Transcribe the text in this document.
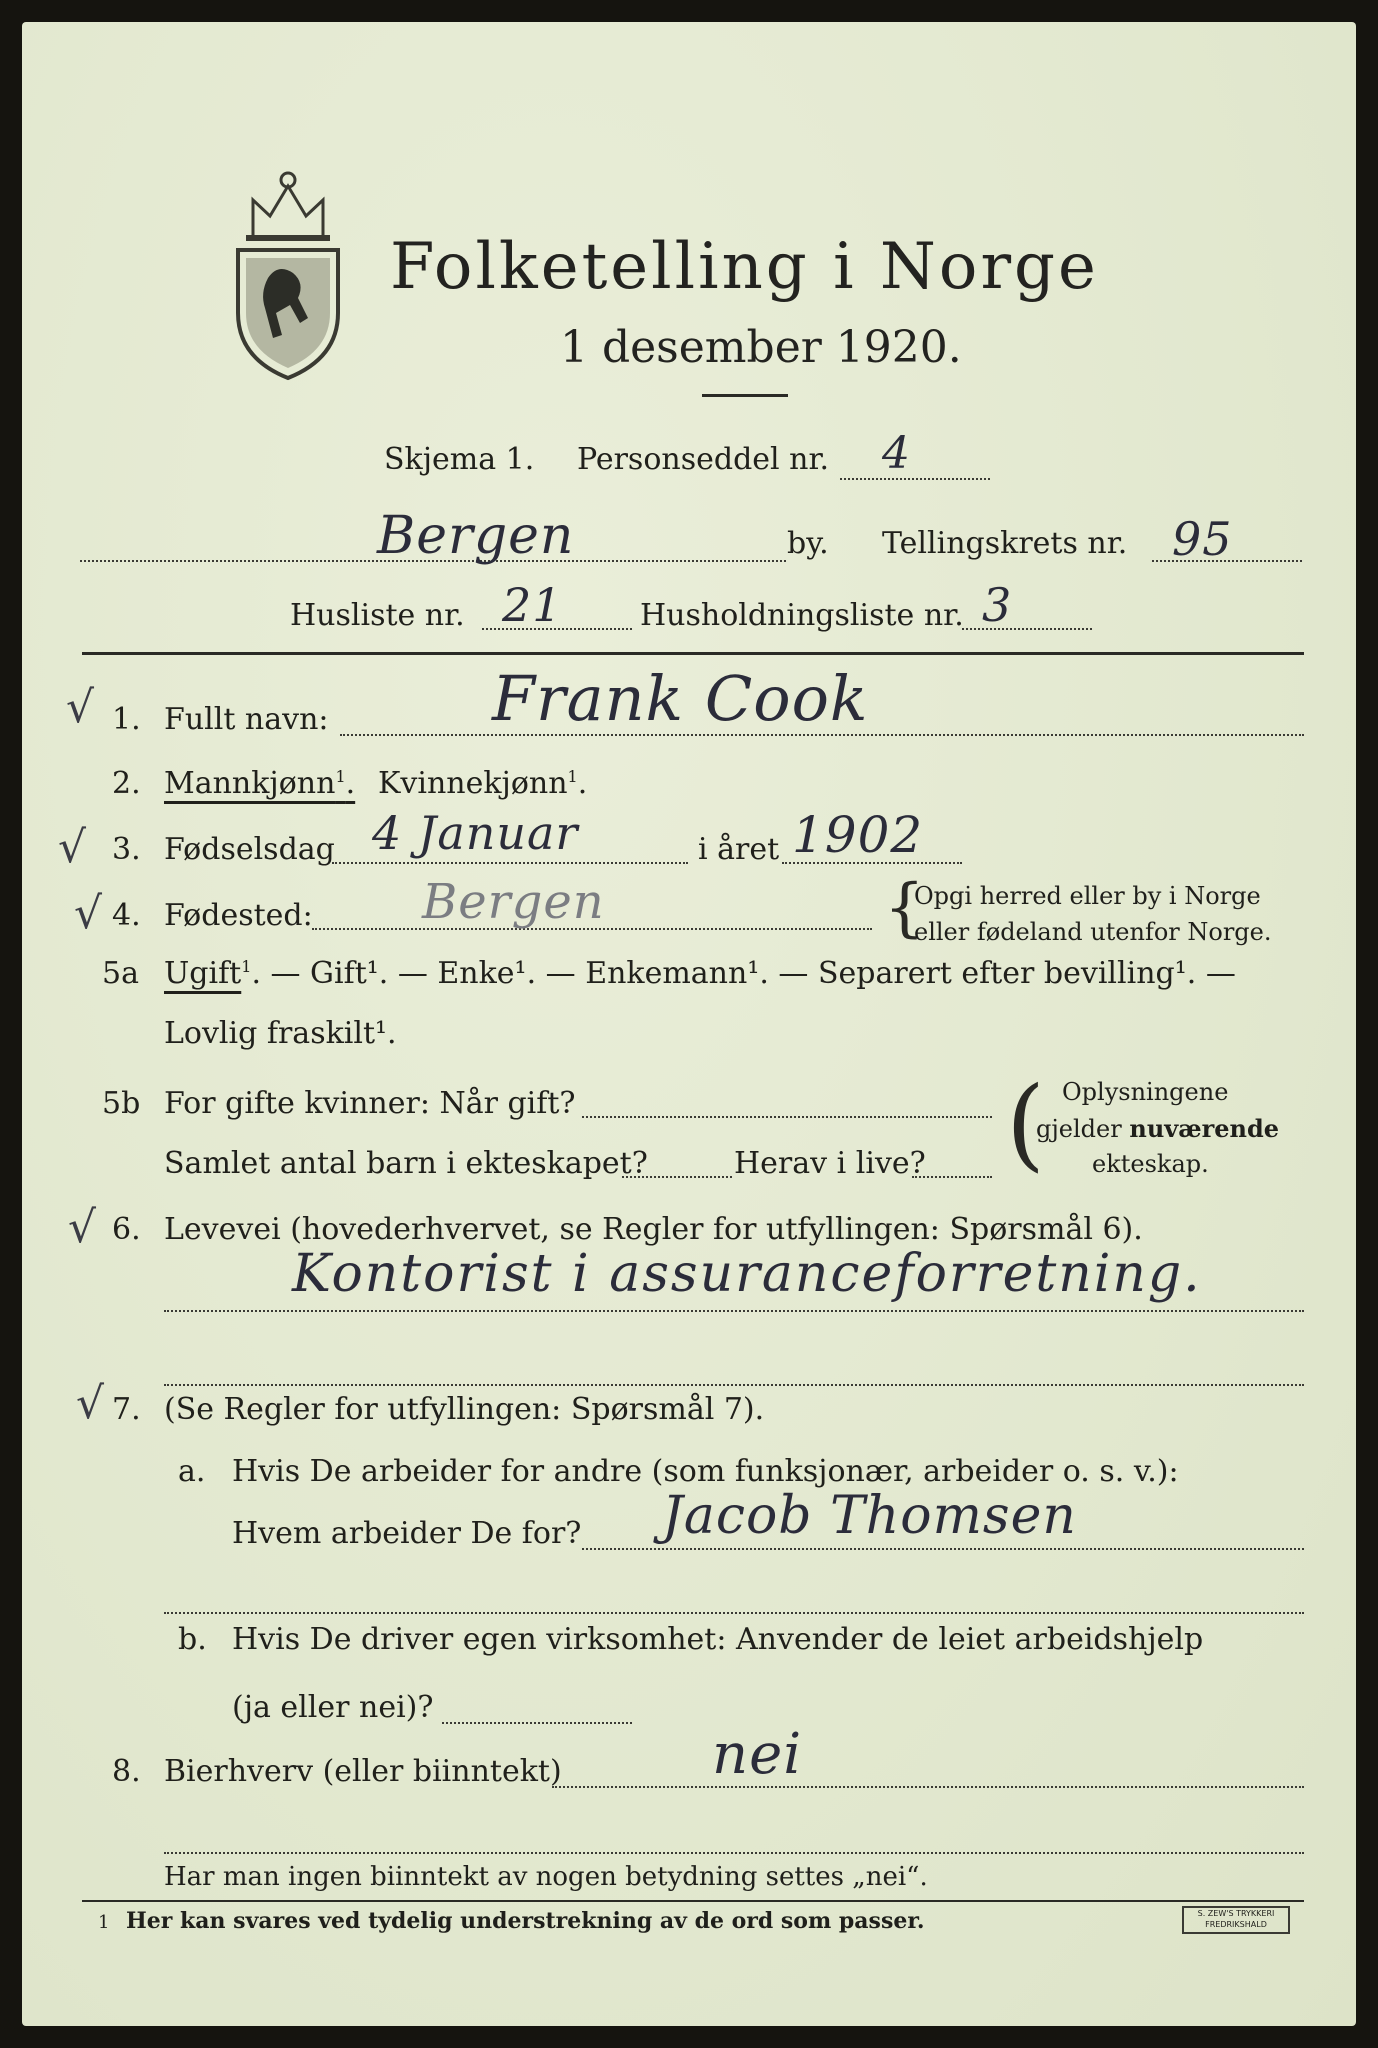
Folketelling i Norge
1 desember 1920.
Skjema 1. Personseddel nr. 4
Bergen	by. Tellingskrets nr. 95
Husliste nr. 21	Husholdningsliste nr. 3
√
√
√
√
√
1. Fullt navn:	Frank Cook
2. Mannkjønn$^1$. Kvinnekjønn$^1$.
3. Fødselsdag 4 Januar	i året 1902
4. Fødested: Bergen	{
Opgi herred eller by i Norge
eller fødeland utenfor Norge.
5a Ugift$^1$. — Gift¹. — Enke¹. — Enkemann¹. — Separert efter bevilling¹. —
Lovlig fraskilt¹.
5b For gifte kvinner: Når gift?
Samlet antal barn i ekteskapet?	Herav i live? ( Oplysningene
gjelder nuværende
ekteskap.
6. Levevei (hovederhvervet, se Regler for utfyllingen: Spørsmål 6).
Kontorist i assuranceforretning.
7. (Se Regler for utfyllingen: Spørsmål 7).
a. Hvis De arbeider for andre (som funksjonær, arbeider o. s. v.):
Hvem arbeider De for? Jacob Thomsen
b. Hvis De driver egen virksomhet: Anvender de leiet arbeidshjelp
(ja eller nei)?
8. Bierhverv (eller biinntekt)	nei
Har man ingen biinntekt av nogen betydning settes „nei“.
1 Her kan svares ved tydelig understrekning av de ord som passer.	S. ZEW'S TRYKKERI
FREDRIKSHALD
